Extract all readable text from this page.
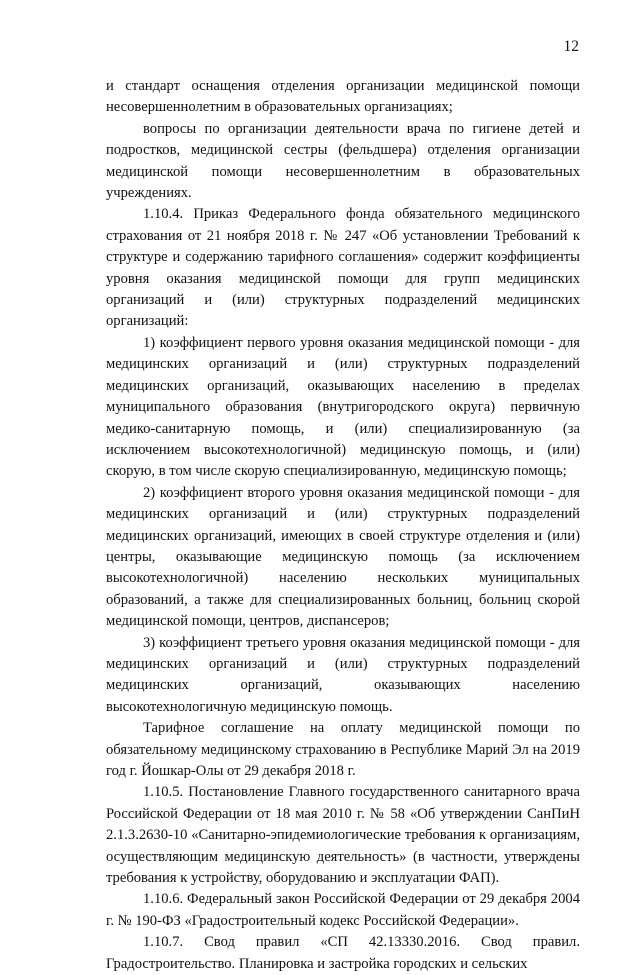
12

и стандарт оснащения отделения организации медицинской помощи несовершеннолетним в образовательных организациях;

вопросы по организации деятельности врача по гигиене детей и подростков, медицинской сестры (фельдшера) отделения организации медицинской помощи несовершеннолетним в образовательных учреждениях.

1.10.4. Приказ Федерального фонда обязательного медицинского страхования от 21 ноября 2018 г. № 247 «Об установлении Требований к структуре и содержанию тарифного соглашения» содержит коэффициенты уровня оказания медицинской помощи для групп медицинских организаций и (или) структурных подразделений медицинских организаций:

1) коэффициент первого уровня оказания медицинской помощи - для медицинских организаций и (или) структурных подразделений медицинских организаций, оказывающих населению в пределах муниципального образования (внутригородского округа) первичную медико-санитарную помощь, и (или) специализированную (за исключением высокотехнологичной) медицинскую помощь, и (или) скорую, в том числе скорую специализированную, медицинскую помощь;

2) коэффициент второго уровня оказания медицинской помощи - для медицинских организаций и (или) структурных подразделений медицинских организаций, имеющих в своей структуре отделения и (или) центры, оказывающие медицинскую помощь (за исключением высокотехнологичной) населению нескольких муниципальных образований, а также для специализированных больниц, больниц скорой медицинской помощи, центров, диспансеров;

3) коэффициент третьего уровня оказания медицинской помощи - для медицинских организаций и (или) структурных подразделений медицинских организаций, оказывающих населению высокотехнологичную медицинскую помощь.

Тарифное соглашение на оплату медицинской помощи по обязательному медицинскому страхованию в Республике Марий Эл на 2019 год г. Йошкар-Олы от 29 декабря 2018 г.

1.10.5. Постановление Главного государственного санитарного врача Российской Федерации от 18 мая 2010 г. № 58 «Об утверждении СанПиН 2.1.3.2630-10 «Санитарно-эпидемиологические требования к организациям, осуществляющим медицинскую деятельность» (в частности, утверждены требования к устройству, оборудованию и эксплуатации ФАП).

1.10.6. Федеральный закон Российской Федерации от 29 декабря 2004 г. № 190-ФЗ «Градостроительный кодекс Российской Федерации».

1.10.7. Свод правил «СП 42.13330.2016. Свод правил. Градостроительство. Планировка и застройка городских и сельских
